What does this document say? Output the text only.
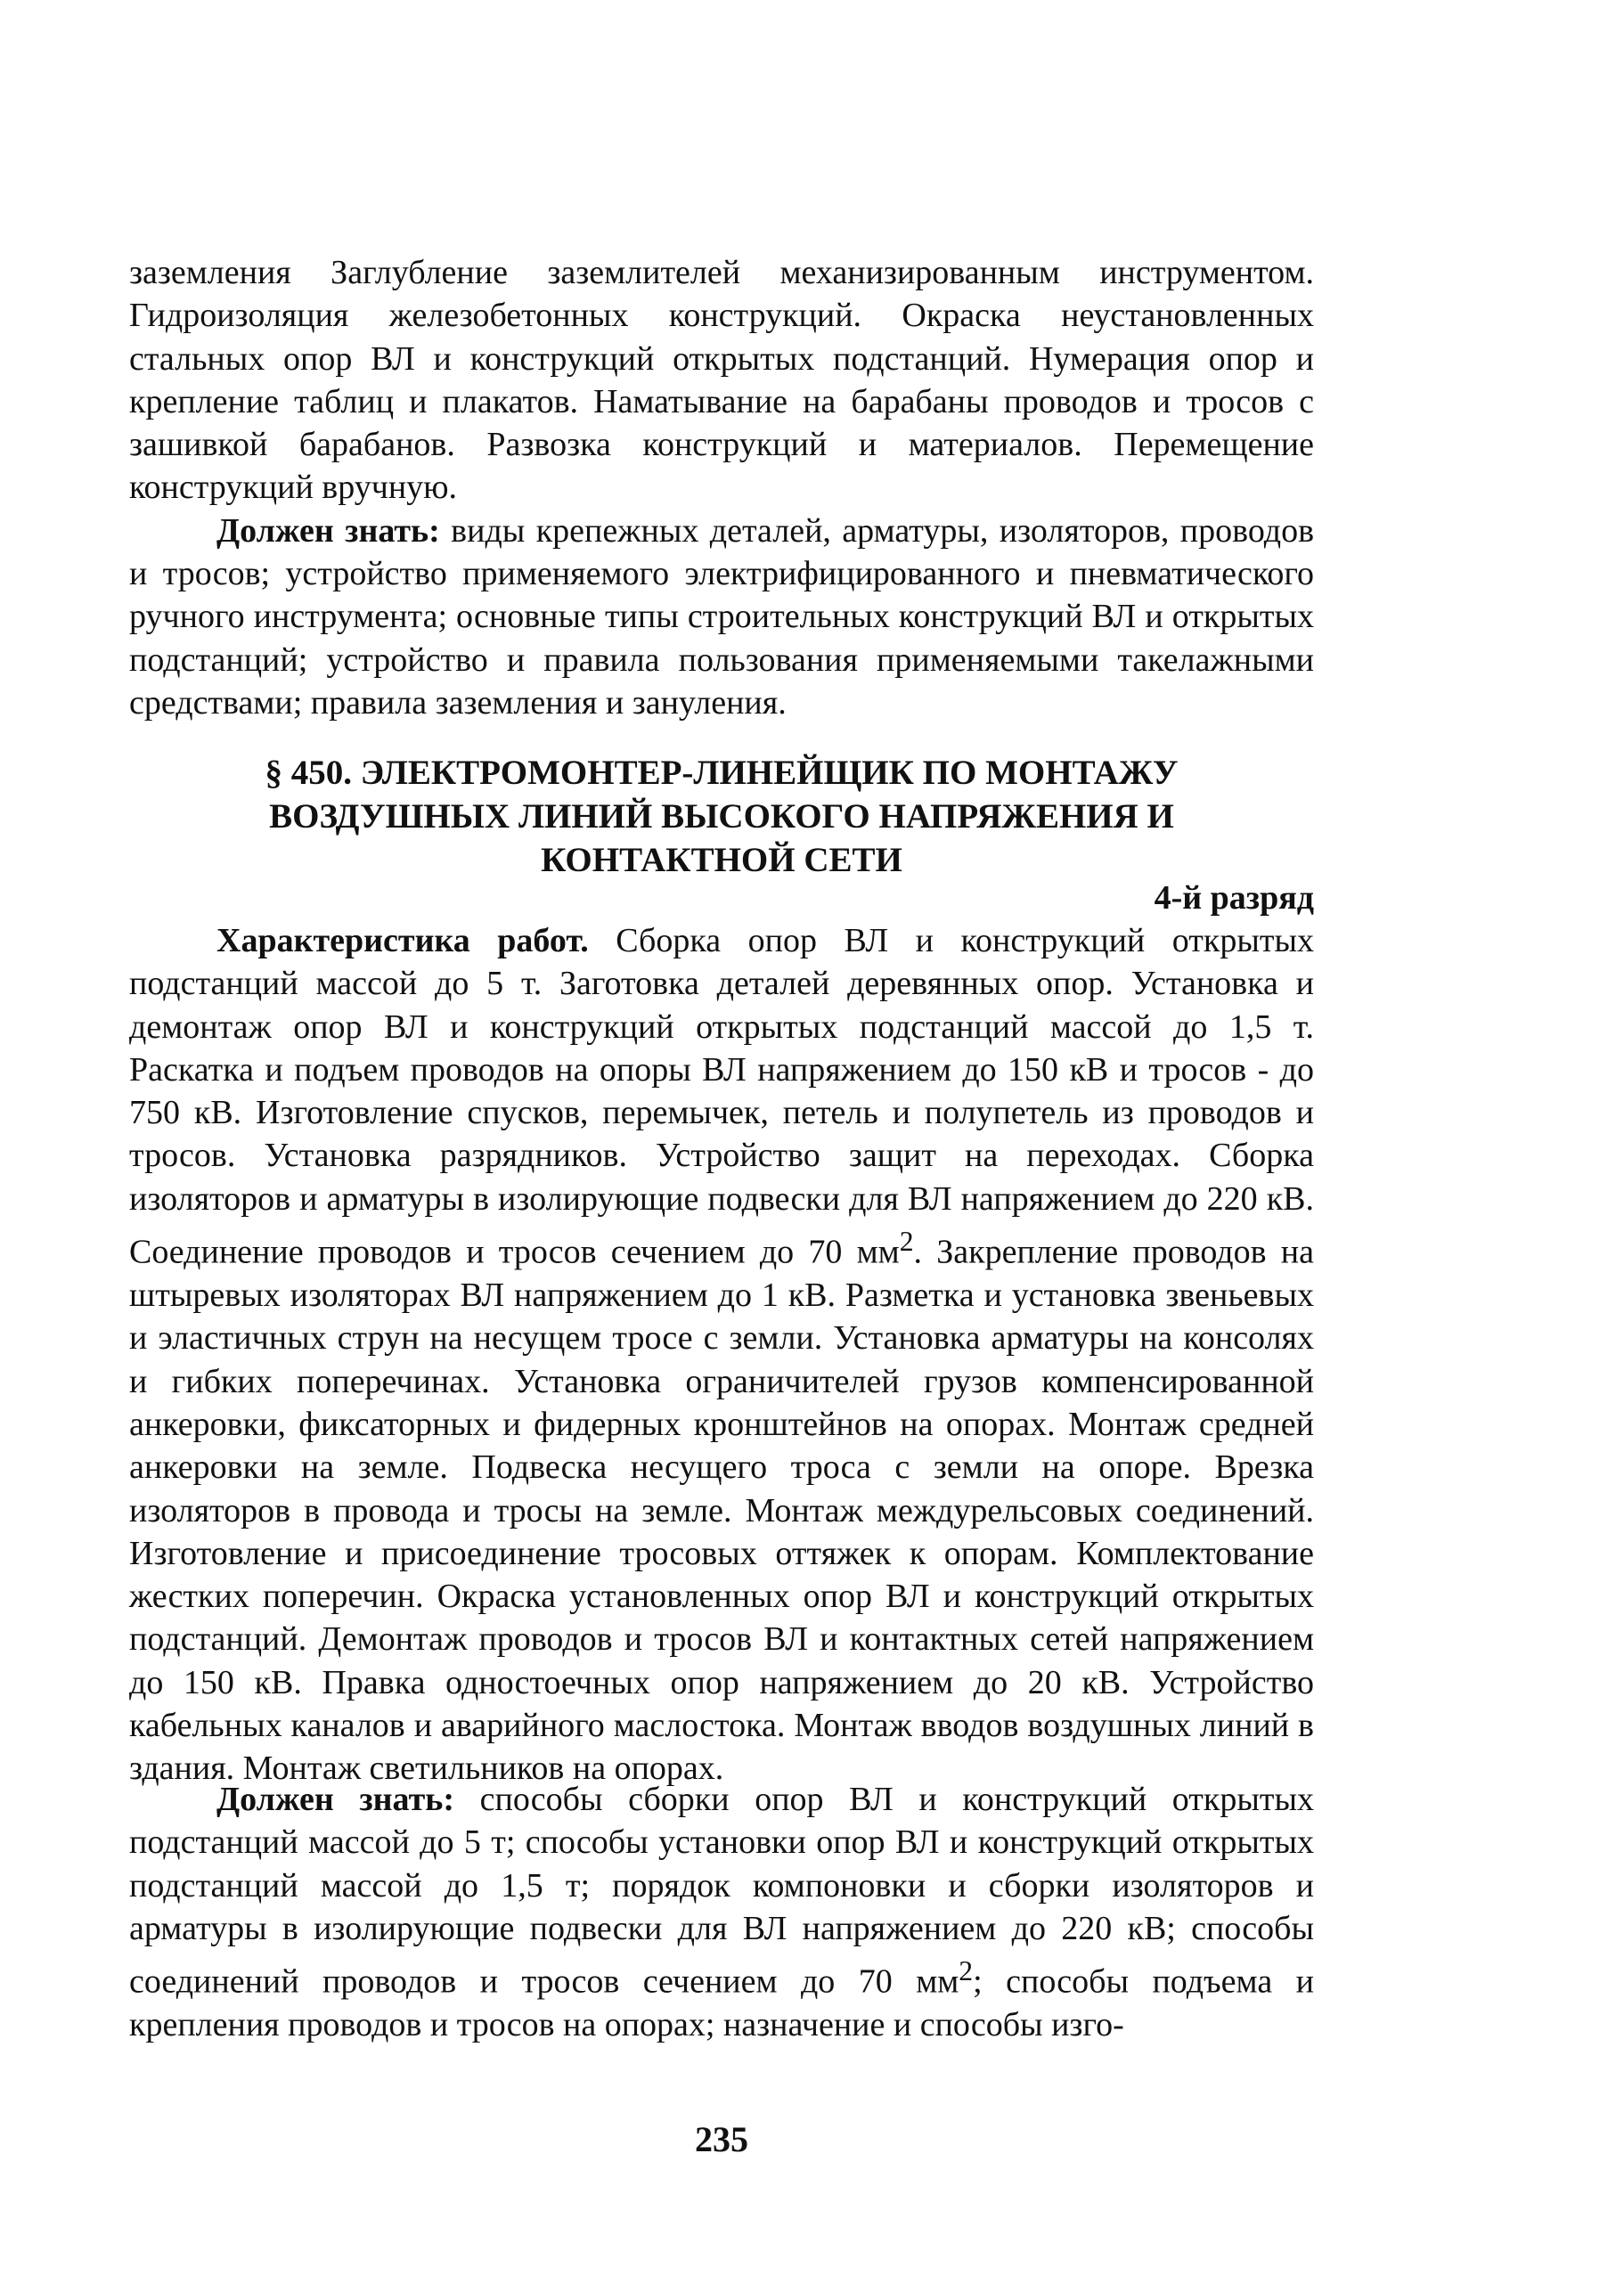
заземления Заглубление заземлителей механизированным инструментом. Гидроизоляция железобетонных конструкций. Окраска неустановленных стальных опор ВЛ и конструкций открытых подстанций. Нумерация опор и крепление таблиц и плакатов. Наматывание на барабаны проводов и тросов с зашивкой барабанов. Развозка конструкций и материалов. Перемещение конструкций вручную.

Должен знать: виды крепежных деталей, арматуры, изоляторов, проводов и тросов; устройство применяемого электрифицированного и пневматического ручного инструмента; основные типы строительных конструкций ВЛ и открытых подстанций; устройство и правила пользования применяемыми такелажными средствами; правила заземления и зануления.

§ 450. ЭЛЕКТРОМОНТЕР-ЛИНЕЙЩИК ПО МОНТАЖУ
ВОЗДУШНЫХ ЛИНИЙ ВЫСОКОГО НАПРЯЖЕНИЯ И
КОНТАКТНОЙ СЕТИ

4-й разряд

Характеристика работ. Сборка опор ВЛ и конструкций открытых подстанций массой до 5 т. Заготовка деталей деревянных опор. Установка и демонтаж опор ВЛ и конструкций открытых подстанций массой до 1,5 т. Раскатка и подъем проводов на опоры ВЛ напряжением до 150 кВ и тросов - до 750 кВ. Изготовление спусков, перемычек, петель и полупетель из проводов и тросов. Установка разрядников. Устройство защит на переходах. Сборка изоляторов и арматуры в изолирующие подвески для ВЛ напряжением до 220 кВ. Соединение проводов и тросов сечением до 70 $мм^2$. Закрепление проводов на штыревых изоляторах ВЛ напряжением до 1 кВ. Разметка и установка звеньевых и эластичных струн на несущем тросе с земли. Установка арматуры на консолях и гибких поперечинах. Установка ограничителей грузов компенсированной анкеровки, фиксаторных и фидерных кронштейнов на опорах. Монтаж средней анкеровки на земле. Подвеска несущего троса с земли на опоре. Врезка изоляторов в провода и тросы на земле. Монтаж междурельсовых соединений. Изготовление и присоединение тросовых оттяжек к опорам. Комплектование жестких поперечин. Окраска установленных опор ВЛ и конструкций открытых подстанций. Демонтаж проводов и тросов ВЛ и контактных сетей напряжением до 150 кВ. Правка одностоечных опор напряжением до 20 кВ. Устройство кабельных каналов и аварийного маслостока. Монтаж вводов воздушных линий в здания. Монтаж светильников на опорах.

Должен знать: способы сборки опор ВЛ и конструкций открытых подстанций массой до 5 т; способы установки опор ВЛ и конструкций открытых подстанций массой до 1,5 т; порядок компоновки и сборки изоляторов и арматуры в изолирующие подвески для ВЛ напряжением до 220 кВ; способы соединений проводов и тросов сечением до 70 $мм^2$; способы подъема и крепления проводов и тросов на опорах; назначение и способы изго-

235
